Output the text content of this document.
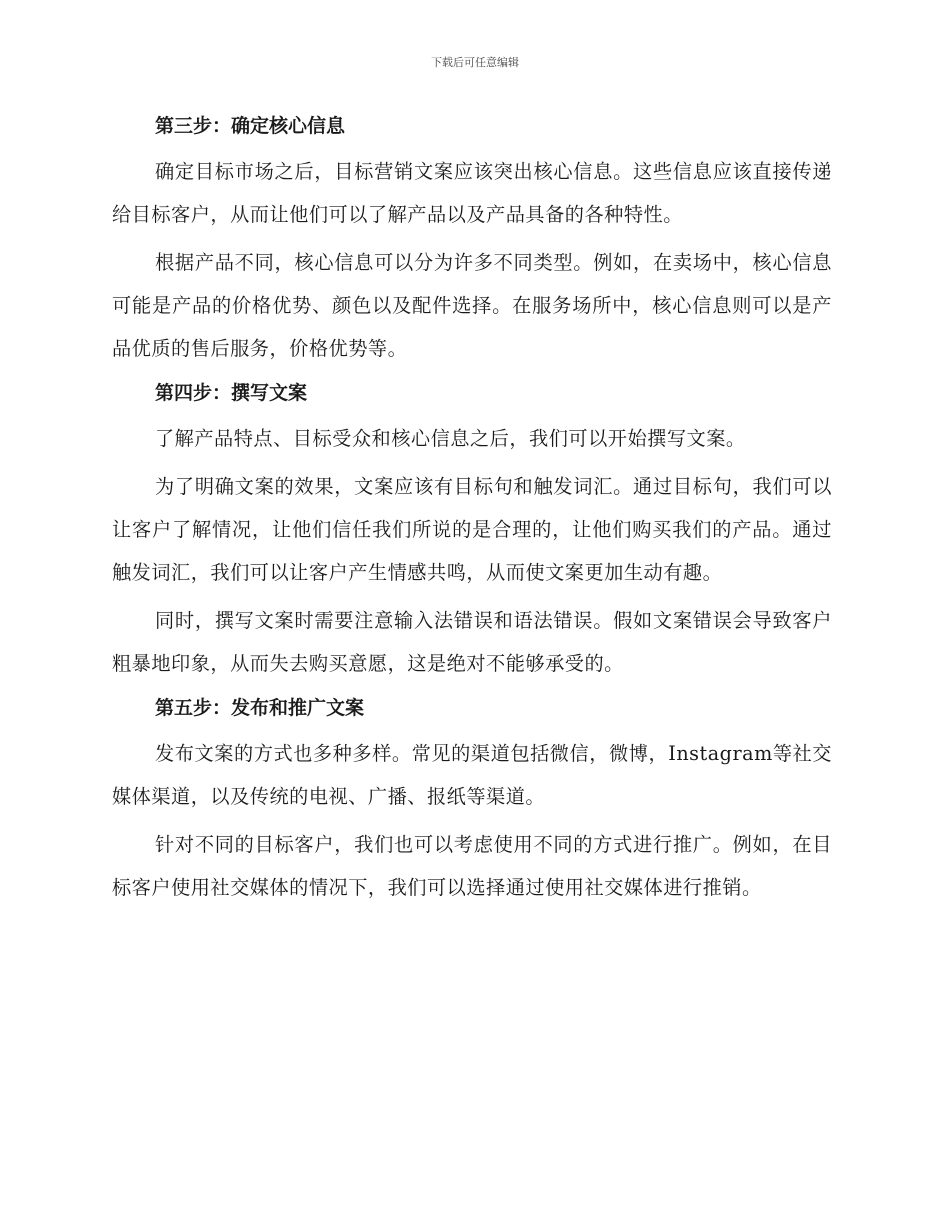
下载后可任意编辑
第三步：确定核心信息

确定目标市场之后，目标营销文案应该突出核心信息。这些信息应该直接传递给目标客户，从而让他们可以了解产品以及产品具备的各种特性。

根据产品不同，核心信息可以分为许多不同类型。例如，在卖场中，核心信息可能是产品的价格优势、颜色以及配件选择。在服务场所中，核心信息则可以是产品优质的售后服务，价格优势等。

第四步：撰写文案

了解产品特点、目标受众和核心信息之后，我们可以开始撰写文案。

为了明确文案的效果，文案应该有目标句和触发词汇。通过目标句，我们可以让客户了解情况，让他们信任我们所说的是合理的，让他们购买我们的产品。通过触发词汇，我们可以让客户产生情感共鸣，从而使文案更加生动有趣。

同时，撰写文案时需要注意输入法错误和语法错误。假如文案错误会导致客户粗暴地印象，从而失去购买意愿，这是绝对不能够承受的。

第五步：发布和推广文案

发布文案的方式也多种多样。常见的渠道包括微信，微博，Instagram等社交媒体渠道，以及传统的电视、广播、报纸等渠道。

针对不同的目标客户，我们也可以考虑使用不同的方式进行推广。例如，在目标客户使用社交媒体的情况下，我们可以选择通过使用社交媒体进行推销。
